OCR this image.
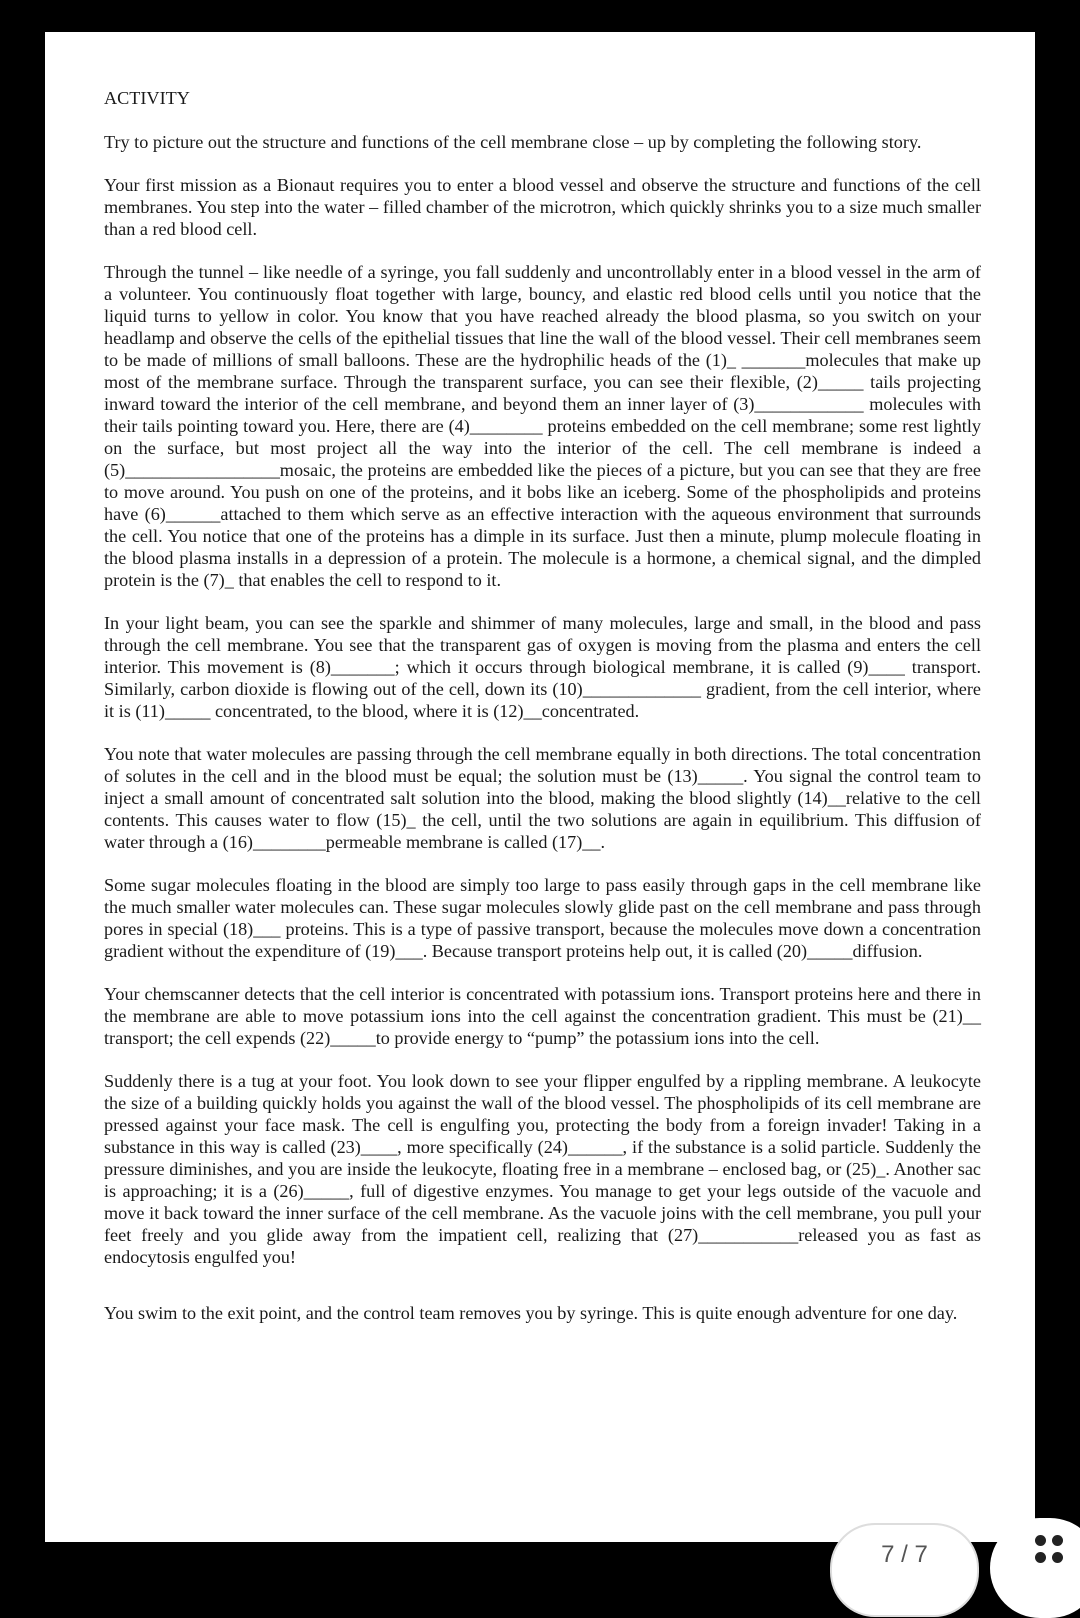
ACTIVITY

Try to picture out the structure and functions of the cell membrane close – up by completing the following story.

Your first mission as a Bionaut requires you to enter a blood vessel and observe the structure and functions of the cell membranes. You step into the water – filled chamber of the microtron, which quickly shrinks you to a size much smaller than a red blood cell.

Through the tunnel – like needle of a syringe, you fall suddenly and uncontrollably enter in a blood vessel in the arm of a volunteer. You continuously float together with large, bouncy, and elastic red blood cells until you notice that the liquid turns to yellow in color. You know that you have reached already the blood plasma, so you switch on your headlamp and observe the cells of the epithelial tissues that line the wall of the blood vessel. Their cell membranes seem to be made of millions of small balloons. These are the hydrophilic heads of the (1)_ _______molecules that make up most of the membrane surface. Through the transparent surface, you can see their flexible, (2)_____ tails projecting inward toward the interior of the cell membrane, and beyond them an inner layer of (3)____________ molecules with their tails pointing toward you. Here, there are (4)________ proteins embedded on the cell membrane; some rest lightly on the surface, but most project all the way into the interior of the cell. The cell membrane is indeed a (5)_________________mosaic, the proteins are embedded like the pieces of a picture, but you can see that they are free to move around. You push on one of the proteins, and it bobs like an iceberg. Some of the phospholipids and proteins have (6)______attached to them which serve as an effective interaction with the aqueous environment that surrounds the cell. You notice that one of the proteins has a dimple in its surface. Just then a minute, plump molecule floating in the blood plasma installs in a depression of a protein. The molecule is a hormone, a chemical signal, and the dimpled protein is the (7)_ that enables the cell to respond to it.

In your light beam, you can see the sparkle and shimmer of many molecules, large and small, in the blood and pass through the cell membrane. You see that the transparent gas of oxygen is moving from the plasma and enters the cell interior. This movement is (8)_______; which it occurs through biological membrane, it is called (9)____ transport. Similarly, carbon dioxide is flowing out of the cell, down its (10)_____________ gradient, from the cell interior, where it is (11)_____ concentrated, to the blood, where it is (12)__concentrated.

You note that water molecules are passing through the cell membrane equally in both directions. The total concentration of solutes in the cell and in the blood must be equal; the solution must be (13)_____. You signal the control team to inject a small amount of concentrated salt solution into the blood, making the blood slightly (14)__relative to the cell contents. This causes water to flow (15)_ the cell, until the two solutions are again in equilibrium. This diffusion of water through a (16)________permeable membrane is called (17)__.

Some sugar molecules floating in the blood are simply too large to pass easily through gaps in the cell membrane like the much smaller water molecules can. These sugar molecules slowly glide past on the cell membrane and pass through pores in special (18)___ proteins. This is a type of passive transport, because the molecules move down a concentration gradient without the expenditure of (19)___. Because transport proteins help out, it is called (20)_____diffusion.

Your chemscanner detects that the cell interior is concentrated with potassium ions. Transport proteins here and there in the membrane are able to move potassium ions into the cell against the concentration gradient. This must be (21)__ transport; the cell expends (22)_____to provide energy to “pump” the potassium ions into the cell.

Suddenly there is a tug at your foot. You look down to see your flipper engulfed by a rippling membrane. A leukocyte the size of a building quickly holds you against the wall of the blood vessel. The phospholipids of its cell membrane are pressed against your face mask. The cell is engulfing you, protecting the body from a foreign invader! Taking in a substance in this way is called (23)____, more specifically (24)______, if the substance is a solid particle. Suddenly the pressure diminishes, and you are inside the leukocyte, floating free in a membrane – enclosed bag, or (25)_. Another sac is approaching; it is a (26)_____, full of digestive enzymes. You manage to get your legs outside of the vacuole and move it back toward the inner surface of the cell membrane. As the vacuole joins with the cell membrane, you pull your feet freely and you glide away from the impatient cell, realizing that (27)___________released you as fast as endocytosis engulfed you!

You swim to the exit point, and the control team removes you by syringe. This is quite enough adventure for one day.

7 / 7
